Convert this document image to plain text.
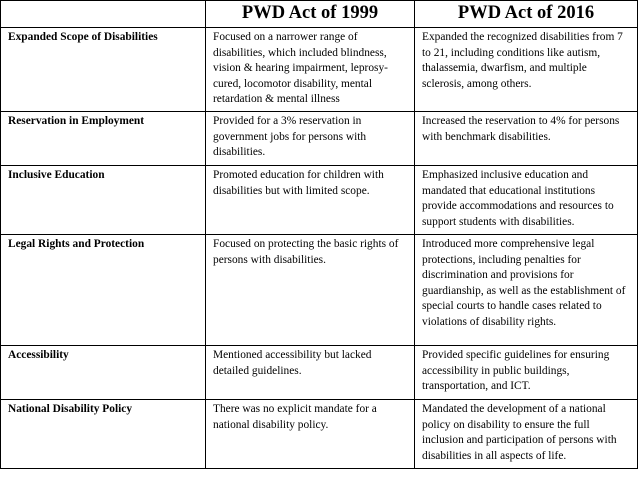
	PWD Act of 1999	PWD Act of 2016
Expanded Scope of Disabilities	Focused on a narrower range of disabilities, which included blindness, vision & hearing impairment, leprosy-cured, locomotor disability, mental retardation & mental illness	Expanded the recognized disabilities from 7 to 21, including conditions like autism, thalassemia, dwarfism, and multiple sclerosis, among others.
Reservation in Employment	Provided for a 3% reservation in government jobs for persons with disabilities.	Increased the reservation to 4% for persons with benchmark disabilities.
Inclusive Education	Promoted education for children with disabilities but with limited scope.	Emphasized inclusive education and mandated that educational institutions provide accommodations and resources to support students with disabilities.
Legal Rights and Protection	Focused on protecting the basic rights of persons with disabilities.	Introduced more comprehensive legal protections, including penalties for discrimination and provisions for guardianship, as well as the establishment of special courts to handle cases related to violations of disability rights.
Accessibility	Mentioned accessibility but lacked detailed guidelines.	Provided specific guidelines for ensuring accessibility in public buildings, transportation, and ICT.
National Disability Policy	There was no explicit mandate for a national disability policy.	Mandated the development of a national policy on disability to ensure the full inclusion and participation of persons with disabilities in all aspects of life.
